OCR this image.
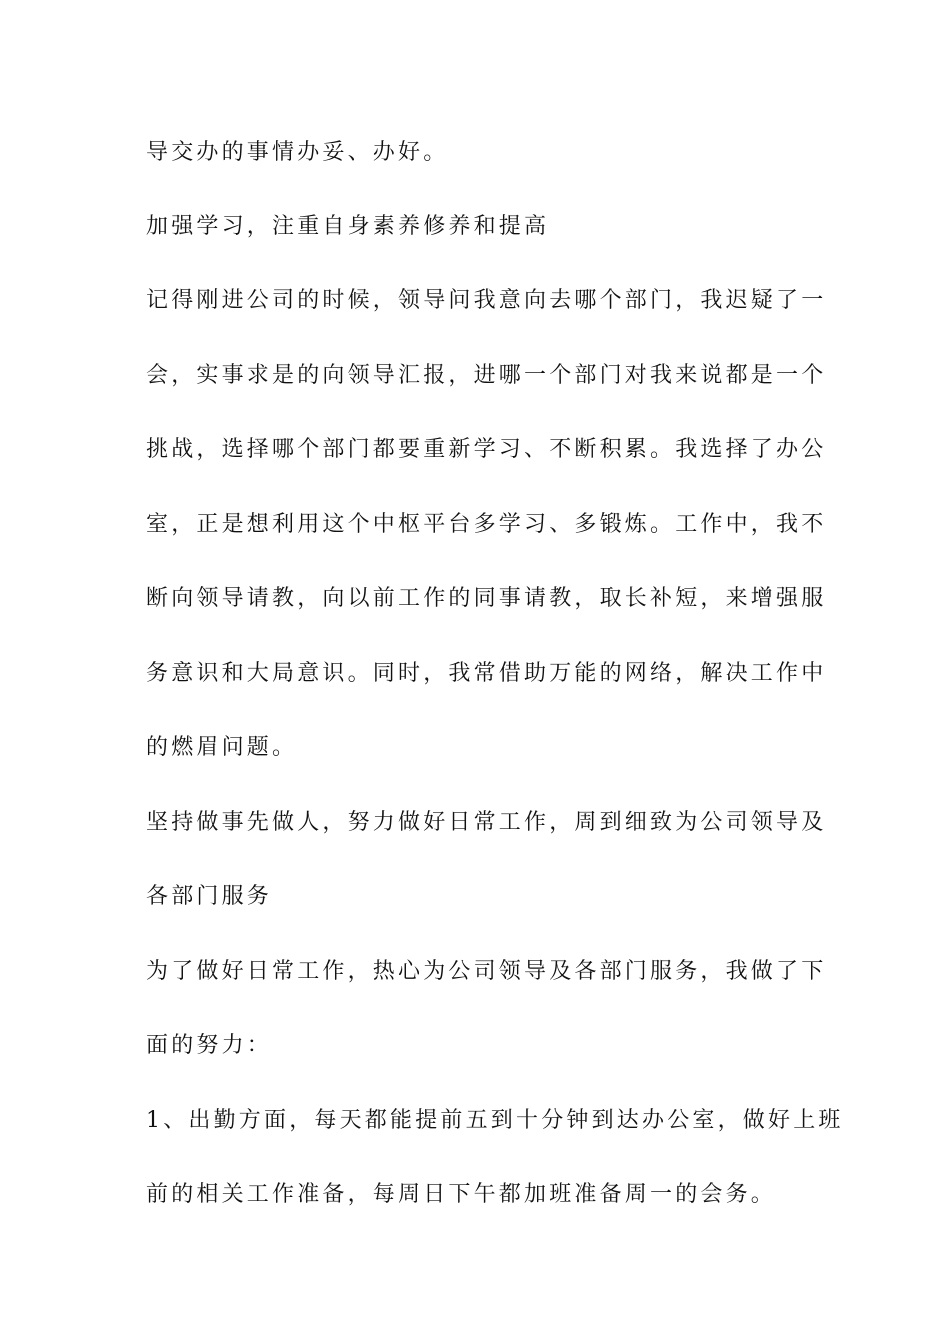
导交办的事情办妥、办好。
加强学习，注重自身素养修养和提高
记得刚进公司的时候，领导问我意向去哪个部门，我迟疑了一
会，实事求是的向领导汇报，进哪一个部门对我来说都是一个
挑战，选择哪个部门都要重新学习、不断积累。我选择了办公
室，正是想利用这个中枢平台多学习、多锻炼。工作中，我不
断向领导请教，向以前工作的同事请教，取长补短，来增强服
务意识和大局意识。同时，我常借助万能的网络，解决工作中
的燃眉问题。
坚持做事先做人，努力做好日常工作，周到细致为公司领导及
各部门服务
为了做好日常工作，热心为公司领导及各部门服务，我做了下
面的努力：
1、出勤方面，每天都能提前五到十分钟到达办公室，做好上班
前的相关工作准备，每周日下午都加班准备周一的会务。
